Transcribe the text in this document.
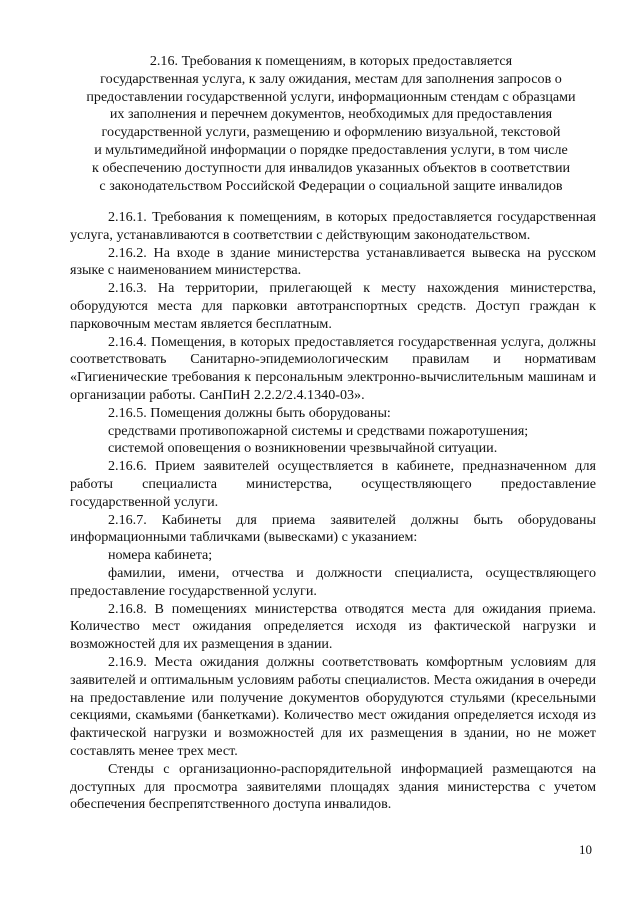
2.16. Требования к помещениям, в которых предоставляется
государственная услуга, к залу ожидания, местам для заполнения запросов о
предоставлении государственной услуги, информационным стендам с образцами
их заполнения и перечнем документов, необходимых для предоставления
государственной услуги, размещению и оформлению визуальной, текстовой
и мультимедийной информации о порядке предоставления услуги, в том числе
к обеспечению доступности для инвалидов указанных объектов в соответствии
с законодательством Российской Федерации о социальной защите инвалидов

2.16.1. Требования к помещениям, в которых предоставляется государственная услуга, устанавливаются в соответствии с действующим законодательством.

2.16.2. На входе в здание министерства устанавливается вывеска на русском языке с наименованием министерства.

2.16.3. На территории, прилегающей к месту нахождения министерства, оборудуются места для парковки автотранспортных средств. Доступ граждан к парковочным местам является бесплатным.

2.16.4. Помещения, в которых предоставляется государственная услуга, должны соответствовать Санитарно-эпидемиологическим правилам и нормативам «Гигиенические требования к персональным электронно-вычислительным машинам и организации работы. СанПиН 2.2.2/2.4.1340-03».

2.16.5. Помещения должны быть оборудованы:

средствами противопожарной системы и средствами пожаротушения;

системой оповещения о возникновении чрезвычайной ситуации.

2.16.6. Прием заявителей осуществляется в кабинете, предназначенном для работы специалиста министерства, осуществляющего предоставление государственной услуги.

2.16.7. Кабинеты для приема заявителей должны быть оборудованы информационными табличками (вывесками) с указанием:

номера кабинета;

фамилии, имени, отчества и должности специалиста, осуществляющего предоставление государственной услуги.

2.16.8. В помещениях министерства отводятся места для ожидания приема. Количество мест ожидания определяется исходя из фактической нагрузки и возможностей для их размещения в здании.

2.16.9. Места ожидания должны соответствовать комфортным условиям для заявителей и оптимальным условиям работы специалистов. Места ожидания в очереди на предоставление или получение документов оборудуются стульями (кресельными секциями, скамьями (банкетками). Количество мест ожидания определяется исходя из фактической нагрузки и возможностей для их размещения в здании, но не может составлять менее трех мест.

Стенды с организационно-распорядительной информацией размещаются на доступных для просмотра заявителями площадях здания министерства с учетом обеспечения беспрепятственного доступа инвалидов.

10
